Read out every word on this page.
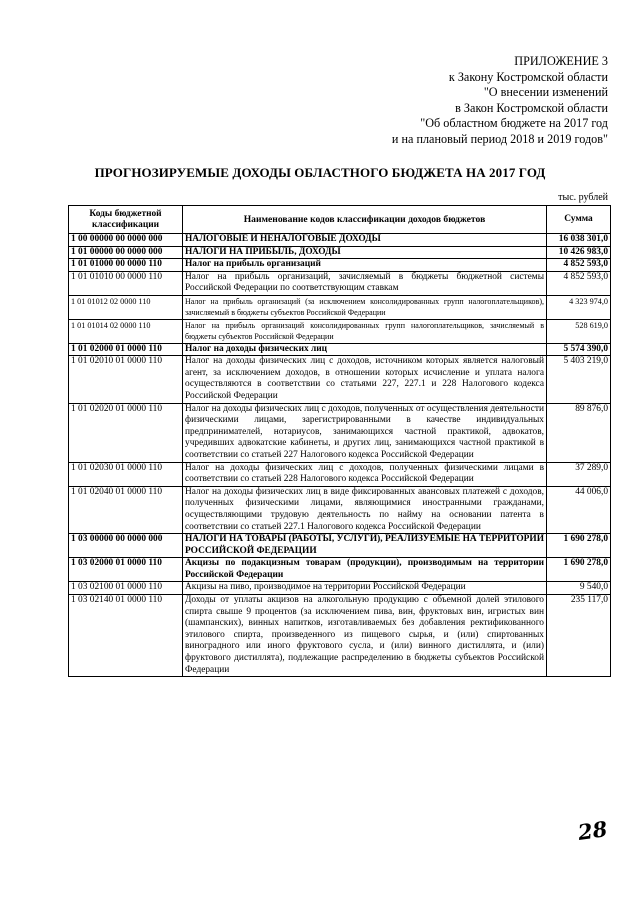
ПРИЛОЖЕНИЕ 3
к Закону Костромской области
"О внесении изменений
в Закон Костромской области
"Об областном бюджете на 2017 год
и на плановый период 2018 и 2019 годов"
ПРОГНОЗИРУЕМЫЕ ДОХОДЫ ОБЛАСТНОГО БЮДЖЕТА НА 2017 ГОД
тыс. рублей
Коды бюджетной классификации	Наименование кодов классификации доходов бюджетов	Сумма
1 00 00000 00 0000 000	НАЛОГОВЫЕ И НЕНАЛОГОВЫЕ ДОХОДЫ	16 038 301,0
1 01 00000 00 0000 000	НАЛОГИ НА ПРИБЫЛЬ, ДОХОДЫ	10 426 983,0
1 01 01000 00 0000 110	Налог на прибыль организаций	4 852 593,0
1 01 01010 00 0000 110	Налог на прибыль организаций, зачисляемый в бюджеты бюджетной системы Российской Федерации по соответствующим ставкам	4 852 593,0
1 01 01012 02 0000 110	Налог на прибыль организаций (за исключением консолидированных групп налогоплательщиков), зачисляемый в бюджеты субъектов Российской Федерации	4 323 974,0
1 01 01014 02 0000 110	Налог на прибыль организаций консолидированных групп налогоплательщиков, зачисляемый в бюджеты субъектов Российской Федерации	528 619,0
1 01 02000 01 0000 110	Налог на доходы физических лиц	5 574 390,0
1 01 02010 01 0000 110	Налог на доходы физических лиц с доходов, источником которых является налоговый агент, за исключением доходов, в отношении которых исчисление и уплата налога осуществляются в соответствии со статьями 227, 227.1 и 228 Налогового кодекса Российской Федерации	5 403 219,0
1 01 02020 01 0000 110	Налог на доходы физических лиц с доходов, полученных от осуществления деятельности физическими лицами, зарегистрированными в качестве индивидуальных предпринимателей, нотариусов, занимающихся частной практикой, адвокатов, учредивших адвокатские кабинеты, и других лиц, занимающихся частной практикой в соответствии со статьей 227 Налогового кодекса Российской Федерации	89 876,0
1 01 02030 01 0000 110	Налог на доходы физических лиц с доходов, полученных физическими лицами в соответствии со статьей 228 Налогового кодекса Российской Федерации	37 289,0
1 01 02040 01 0000 110	Налог на доходы физических лиц в виде фиксированных авансовых платежей с доходов, полученных физическими лицами, являющимися иностранными гражданами, осуществляющими трудовую деятельность по найму на основании патента в соответствии со статьей 227.1 Налогового кодекса Российской Федерации	44 006,0
1 03 00000 00 0000 000	НАЛОГИ НА ТОВАРЫ (РАБОТЫ, УСЛУГИ), РЕАЛИЗУЕМЫЕ НА ТЕРРИТОРИИ РОССИЙСКОЙ ФЕДЕРАЦИИ	1 690 278,0
1 03 02000 01 0000 110	Акцизы по подакцизным товарам (продукции), производимым на территории Российской Федерации	1 690 278,0
1 03 02100 01 0000 110	Акцизы на пиво, производимое на территории Российской Федерации	9 540,0
1 03 02140 01 0000 110	Доходы от уплаты акцизов на алкогольную продукцию с объемной долей этилового спирта свыше 9 процентов (за исключением пива, вин, фруктовых вин, игристых вин (шампанских), винных напитков, изготавливаемых без добавления ректификованного этилового спирта, произведенного из пищевого сырья, и (или) спиртованных виноградного или иного фруктового сусла, и (или) винного дистиллята, и (или) фруктового дистиллята), подлежащие распределению в бюджеты субъектов Российской Федерации	235 117,0
28
